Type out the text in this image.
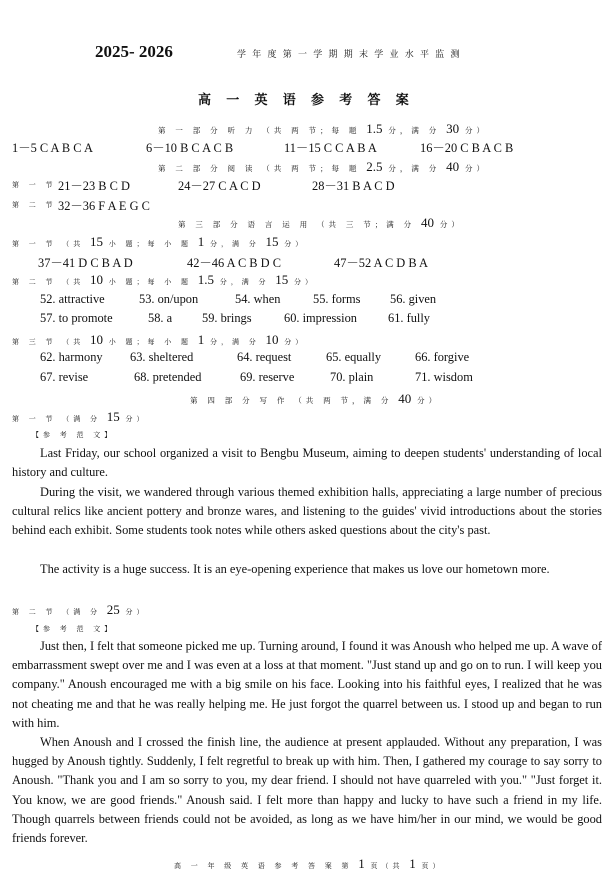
2025- 2026	学 年 度 第 一 学 期 期 末 学 业 水 平 监 测
高 一 英 语 参 考 答 案
第 一 部 分 听 力 （共 两 节；每 题 1.5 分，满 分 30 分）
1－5 C A B C A	6－10 B C A C B	11－15 C C A B A	16－20 C B A C B
第 二 部 分 阅 读 （共 两 节；每 题 2.5 分，满 分 40 分）
第 一 节 21－23 B C D	24－27 C A C D	28－31 B A C D
第 二 节 32－36 F A E G C
第 三 部 分 语 言 运 用 （共 三 节；满 分 40 分）
第 一 节 （共 15 小 题；每 小 题 1 分，满 分 15 分）
37－41 D C B A D	42－46 A C B D C	47－52 A C D B A
第 二 节 （共 10 小 题；每 小 题 1.5 分，满 分 15 分）
52. attractive	53. on/upon	54. when	55. forms 56. given
57. to promote	58. a 59. brings	60. impression	61. fully
第 三 节 （共 10 小 题；每 小 题 1 分，满 分 10 分）
62. harmony 63. sheltered	64. request	65. equally	66. forgive
67. revise	68. pretended	69. reserve	70. plain	71. wisdom
第 四 部 分 写 作 （共 两 节，满 分 40 分）
第 一 节 （满 分 15 分）
【参 考 范 文】
Last Friday, our school organized a visit to Bengbu Museum, aiming to deepen students' understanding of local history and culture.
During the visit, we wandered through various themed exhibition halls, appreciating a large number of precious cultural relics like ancient pottery and bronze wares, and listening to the guides' vivid introductions about the stories behind each exhibit. Some students took notes while others asked questions about the city's past.
The activity is a huge success. It is an eye-opening experience that makes us love our hometown more.
第 二 节 （满 分 25 分）
【参 考 范 文】
Just then, I felt that someone picked me up. Turning around, I found it was Anoush who helped me up. A wave of embarrassment swept over me and I was even at a loss at that moment. "Just stand up and go on to run. I will keep you company." Anoush encouraged me with a big smile on his face. Looking into his faithful eyes, I realized that he was not cheating me and that he was really helping me. He just forgot the quarrel between us. I stood up and began to run with him.
When Anoush and I crossed the finish line, the audience at present applauded. Without any preparation, I was hugged by Anoush tightly. Suddenly, I felt regretful to break up with him. Then, I gathered my courage to say sorry to Anoush. "Thank you and I am so sorry to you, my dear friend. I should not have quarreled with you." "Just forget it. You know, we are good friends." Anoush said. I felt more than happy and lucky to have such a friend in my life. Though quarrels between friends could not be avoided, as long as we have him/her in our mind, we would be good friends forever.
高 一 年 级 英 语 参 考 答 案 第 1 页（共 1 页）
